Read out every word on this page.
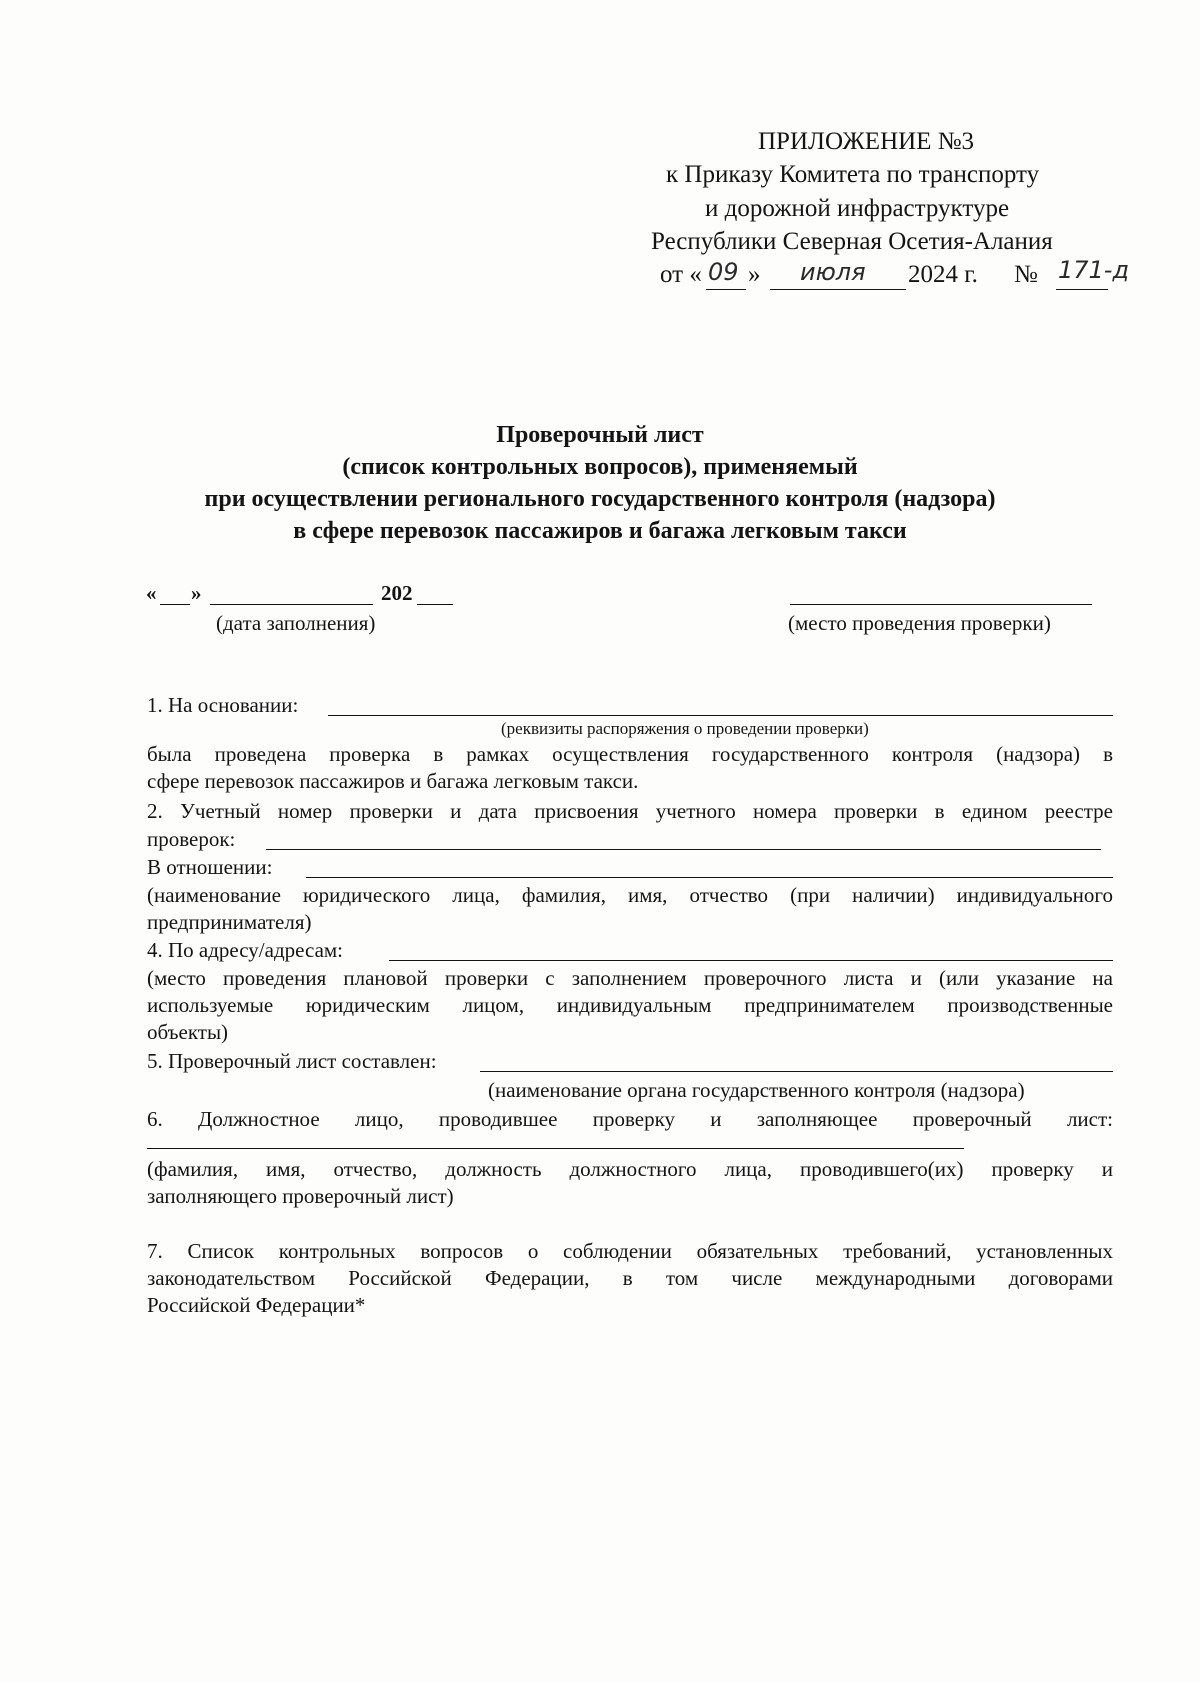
ПРИЛОЖЕНИЕ №3
к Приказу Комитета по транспорту
и дорожной инфраструктуре
Республики Северная Осетия-Алания
от « 09 » июля 2024 г. № 171-д
Проверочный лист
(список контрольных вопросов), применяемый
при осуществлении регионального государственного контроля (надзора)
в сфере перевозок пассажиров и багажа легковым такси
« »	202
(дата заполнения)	(место проведения проверки)
1. На основании:
(реквизиты распоряжения о проведении проверки)
была проведена проверка в рамках осуществления государственного контроля (надзора) в
сфере перевозок пассажиров и багажа легковым такси.
2. Учетный номер проверки и дата присвоения учетного номера проверки в едином реестре
проверок:
В отношении:
(наименование юридического лица, фамилия, имя, отчество (при наличии) индивидуального
предпринимателя)
4. По адресу/адресам:
(место проведения плановой проверки с заполнением проверочного листа и (или указание на
используемые юридическим лицом, индивидуальным предпринимателем производственные
объекты)
5. Проверочный лист составлен:
(наименование органа государственного контроля (надзора)
6. Должностное лицо, проводившее проверку и заполняющее проверочный лист:
(фамилия, имя, отчество, должность должностного лица, проводившего(их) проверку и
заполняющего проверочный лист)
7. Список контрольных вопросов о соблюдении обязательных требований, установленных
законодательством Российской Федерации, в том числе международными договорами
Российской Федерации*
